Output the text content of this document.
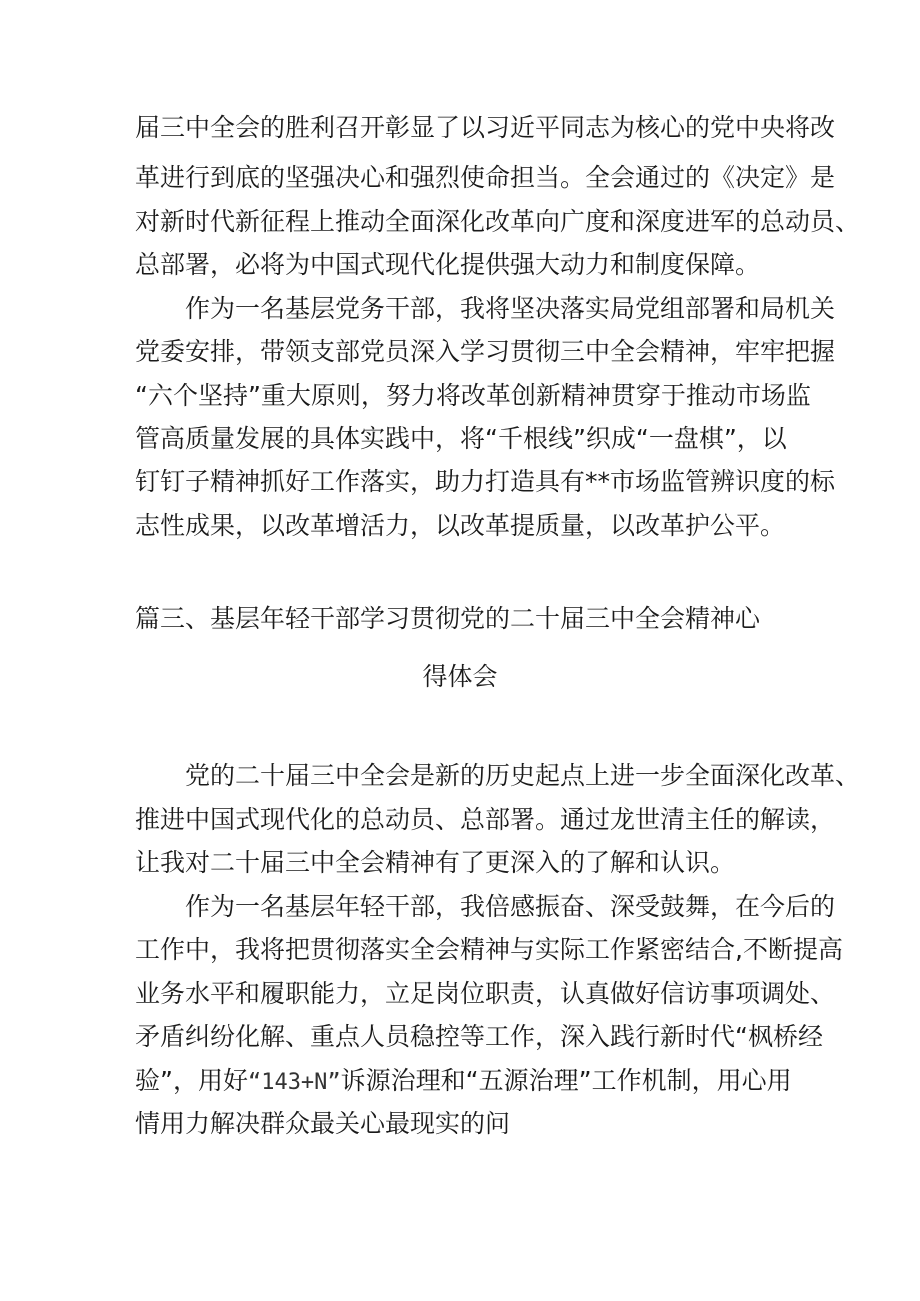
届三中全会的胜利召开彰显了以习近平同志为核心的党中央将改
革进行到底的坚强决心和强烈使命担当。全会通过的《决定》是
对新时代新征程上推动全面深化改革向广度和深度进军的总动员、
总部署，必将为中国式现代化提供强大动力和制度保障。
作为一名基层党务干部，我将坚决落实局党组部署和局机关
党委安排，带领支部党员深入学习贯彻三中全会精神，牢牢把握
“六个坚持”重大原则，努力将改革创新精神贯穿于推动市场监
管高质量发展的具体实践中，将“千根线”织成“一盘棋”，以
钉钉子精神抓好工作落实，助力打造具有**市场监管辨识度的标
志性成果，以改革增活力，以改革提质量，以改革护公平。
篇三、基层年轻干部学习贯彻党的二十届三中全会精神心
得体会
党的二十届三中全会是新的历史起点上进一步全面深化改革、
推进中国式现代化的总动员、总部署。通过龙世清主任的解读，
让我对二十届三中全会精神有了更深入的了解和认识。
作为一名基层年轻干部，我倍感振奋、深受鼓舞，在今后的
工作中，我将把贯彻落实全会精神与实际工作紧密结合,不断提高
业务水平和履职能力，立足岗位职责，认真做好信访事项调处、
矛盾纠纷化解、重点人员稳控等工作，深入践行新时代“枫桥经
验”，用好“143+N”诉源治理和“五源治理”工作机制，用心用
情用力解决群众最关心最现实的问
